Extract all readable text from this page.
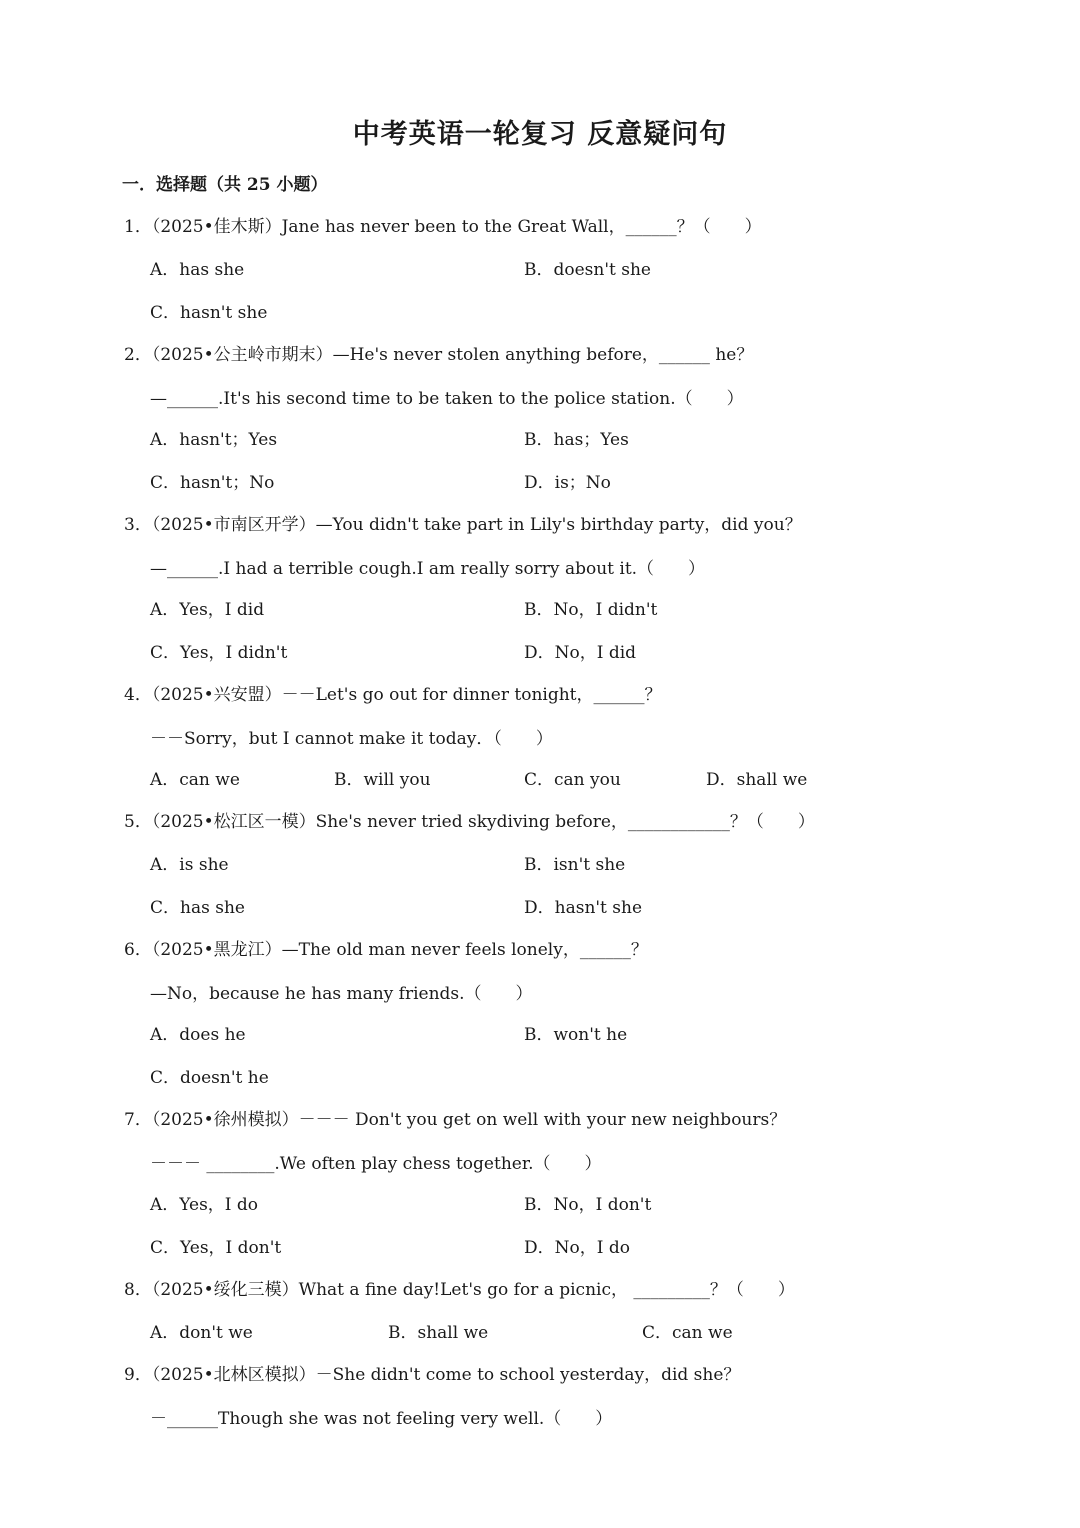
中考英语一轮复习 反意疑问句
一．选择题（共 25 小题）
1．（2025•佳木斯）Jane has never been to the Great Wall，______？（　　）
A．has she	B．doesn't she
C．hasn't she
2．（2025•公主岭市期末）—He's never stolen anything before，______ he？
—______.It's his second time to be taken to the police station.（　　）
A．hasn't；Yes	B．has；Yes
C．hasn't；No	D．is；No
3．（2025•市南区开学）—You didn't take part in Lily's birthday party，did you？
—______.I had a terrible cough.I am really sorry about it.（　　）
A．Yes，I did	B．No，I didn't
C．Yes，I didn't	D．No，I did
4．（2025•兴安盟）－－Let's go out for dinner tonight，______？
－－Sorry，but I cannot make it today．（　　）
A．can we	B．will you	C．can you	D．shall we
5．（2025•松江区一模）She's never tried skydiving before，____________？（　　）
A．is she	B．isn't she
C．has she	D．hasn't she
6．（2025•黑龙江）—The old man never feels lonely，______？
—No，because he has many friends.（　　）
A．does he	B．won't he
C．doesn't he
7．（2025•徐州模拟）－－－ Don't you get on well with your new neighbours？
－－－ ________.We often play chess together.（　　）
A．Yes，I do	B．No，I don't
C．Yes，I don't	D．No，I do
8．（2025•绥化三模）What a fine day!Let's go for a picnic， _________？（　　）
A．don't we	B．shall we	C．can we
9．（2025•北林区模拟）－She didn't come to school yesterday，did she？
－______Though she was not feeling very well.（　　）
